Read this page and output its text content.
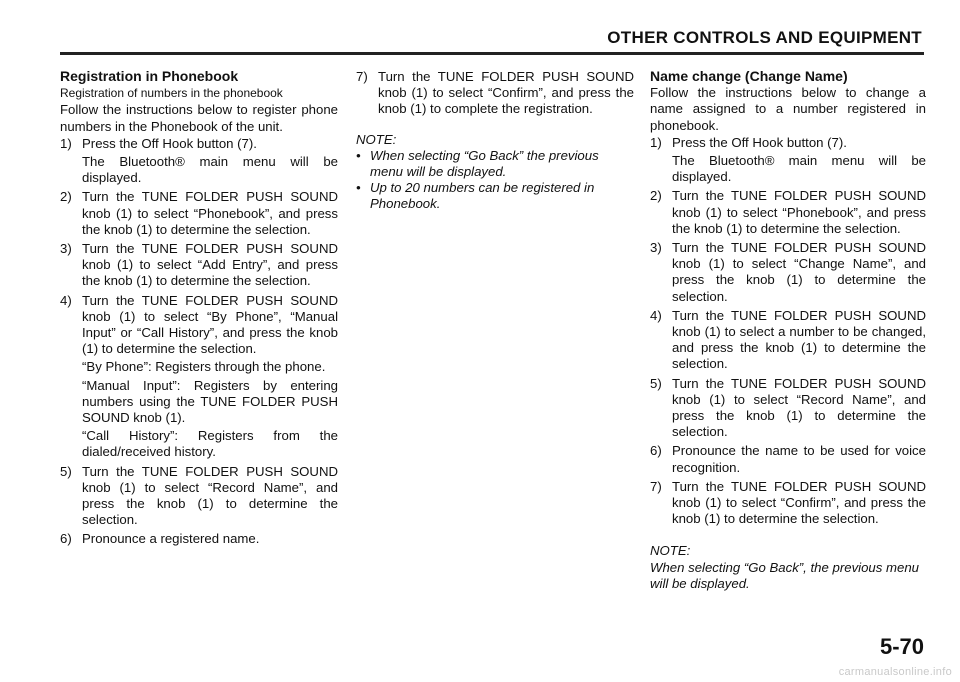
OTHER CONTROLS AND EQUIPMENT
Registration in Phonebook
Registration of numbers in the phonebook

Follow the instructions below to register phone numbers in the Phonebook of the unit.

1) Press the Off Hook button (7).
The Bluetooth® main menu will be displayed.
2) Turn the TUNE FOLDER PUSH SOUND knob (1) to select “Phonebook”, and press the knob (1) to determine the selection.
3) Turn the TUNE FOLDER PUSH SOUND knob (1) to select “Add Entry”, and press the knob (1) to determine the selection.
4) Turn the TUNE FOLDER PUSH SOUND knob (1) to select “By Phone”, “Manual Input” or “Call History”, and press the knob (1) to determine the selection.
“By Phone”: Registers through the phone.
“Manual Input”: Registers by entering numbers using the TUNE FOLDER PUSH SOUND knob (1).
“Call History”: Registers from the dialed/received history.
5) Turn the TUNE FOLDER PUSH SOUND knob (1) to select “Record Name”, and press the knob (1) to determine the selection.
6) Pronounce a registered name.
7) Turn the TUNE FOLDER PUSH SOUND knob (1) to select “Confirm”, and press the knob (1) to complete the registration.
NOTE:
• When selecting “Go Back” the previous menu will be displayed.
• Up to 20 numbers can be registered in Phonebook.
Name change (Change Name)

Follow the instructions below to change a name assigned to a number registered in phonebook.

1) Press the Off Hook button (7).
The Bluetooth® main menu will be displayed.
2) Turn the TUNE FOLDER PUSH SOUND knob (1) to select “Phonebook”, and press the knob (1) to determine the selection.
3) Turn the TUNE FOLDER PUSH SOUND knob (1) to select “Change Name”, and press the knob (1) to determine the selection.
4) Turn the TUNE FOLDER PUSH SOUND knob (1) to select a number to be changed, and press the knob (1) to determine the selection.
5) Turn the TUNE FOLDER PUSH SOUND knob (1) to select “Record Name”, and press the knob (1) to determine the selection.
6) Pronounce the name to be used for voice recognition.
7) Turn the TUNE FOLDER PUSH SOUND knob (1) to select “Confirm”, and press the knob (1) to determine the selection.
NOTE:
When selecting “Go Back”, the previous menu will be displayed.
5-70
carmanualsonline.info
